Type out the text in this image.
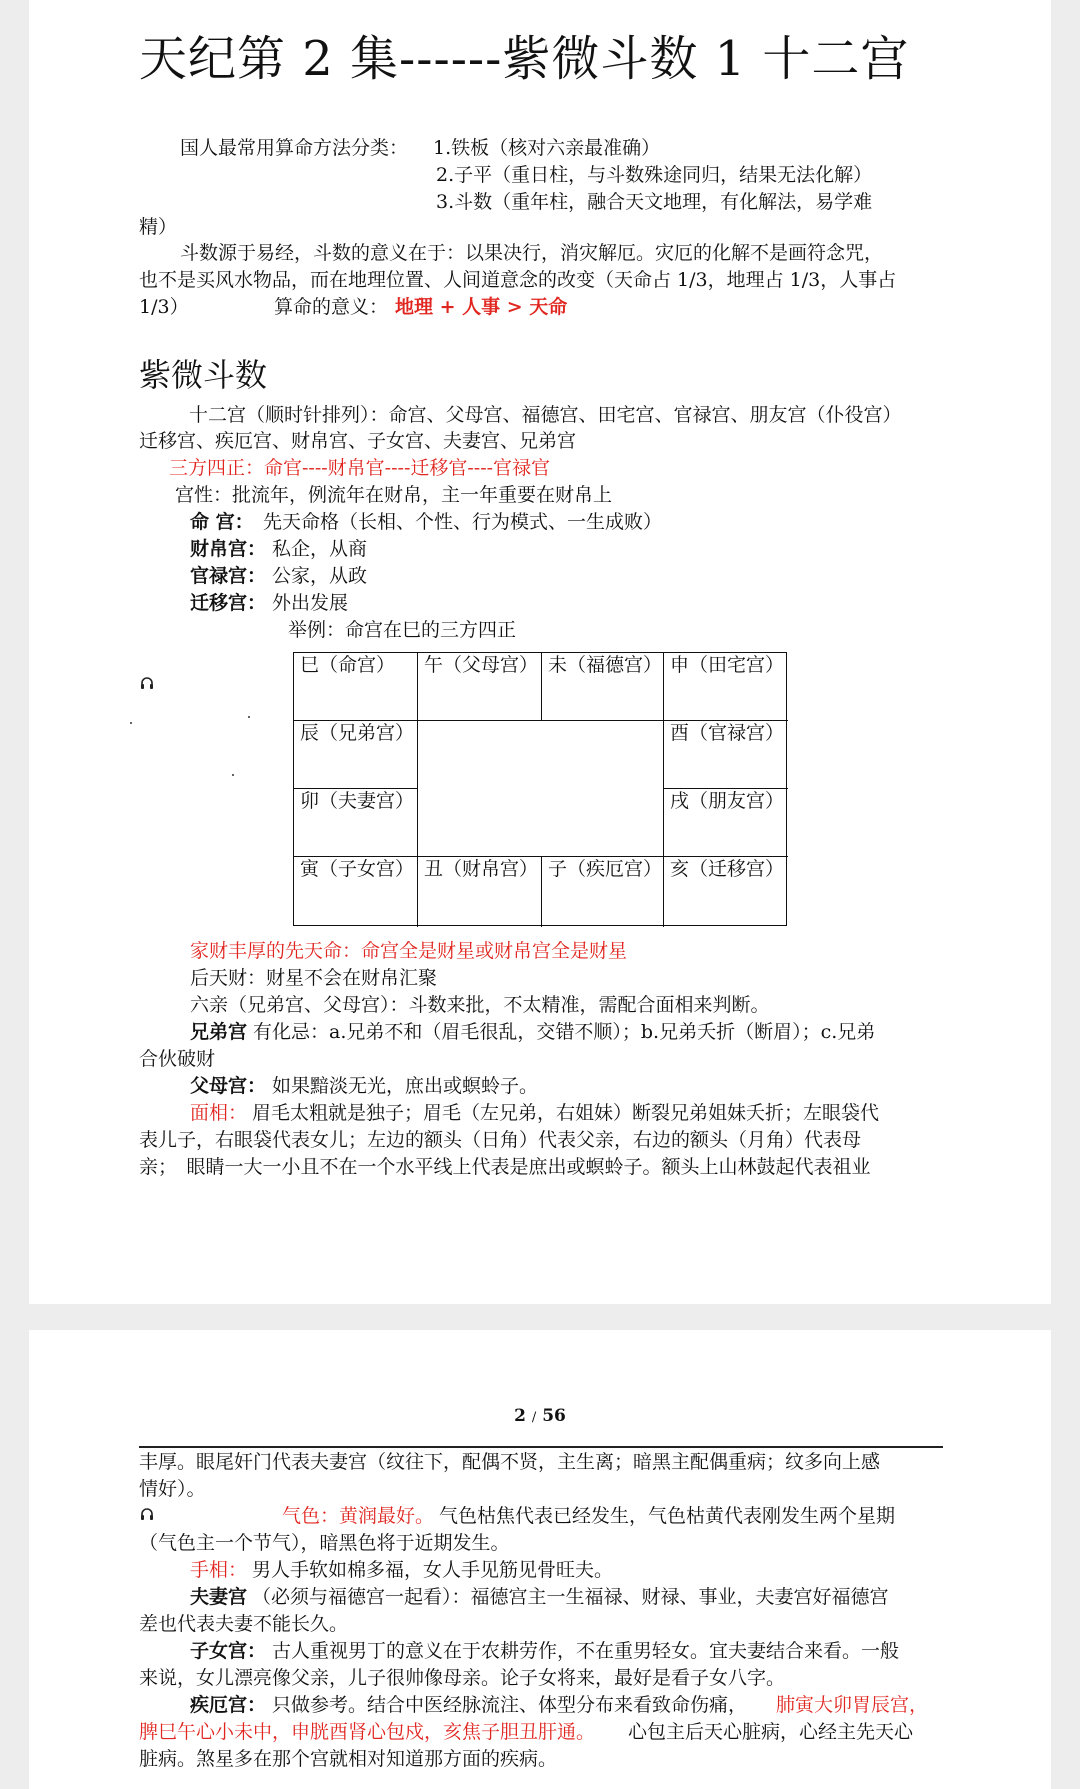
天纪第 2 集------紫微斗数 1 十二宫
国人最常用算命方法分类： 1.铁板（核对六亲最准确）
2.子平（重日柱，与斗数殊途同归，结果无法化解）
3.斗数（重年柱，融合天文地理，有化解法，易学难
精）
斗数源于易经，斗数的意义在于：以果决行，消灾解厄。灾厄的化解不是画符念咒，
也不是买风水物品，而在地理位置、人间道意念的改变（天命占 1/3，地理占 1/3，人事占
1/3）	算命的意义： 地理 + 人事 > 天命
紫微斗数
十二宫（顺时针排列）：命宫、父母宫、福德宫、田宅宫、官禄宫、朋友宫（仆役宫）
迁移宫、疾厄宫、财帛宫、子女宫、夫妻宫、兄弟宫
三方四正：命官----财帛官----迁移官----官禄官
宫性：批流年，例流年在财帛，主一年重要在财帛上
命 宫： 先天命格（长相、个性、行为模式、一生成败）
财帛宫： 私企，从商
官禄宫： 公家，从政
迁移宫： 外出发展
举例：命宫在巳的三方四正
巳（命宫）	午（父母宫） 未（福德宫） 申（田宅宫）
辰（兄弟宫）	酉（官禄宫）
卯（夫妻宫）	戌（朋友宫）
寅（子女宫） 丑（财帛宫） 子（疾厄宫） 亥（迁移宫）
家财丰厚的先天命：命宫全是财星或财帛宫全是财星
后天财：财星不会在财帛汇聚
六亲（兄弟宫、父母宫）：斗数来批，不太精准，需配合面相来判断。
兄弟宫 有化忌：a.兄弟不和（眉毛很乱，交错不顺）；b.兄弟夭折（断眉）；c.兄弟
合伙破财
父母宫： 如果黯淡无光，庶出或螟蛉子。
面相： 眉毛太粗就是独子；眉毛（左兄弟，右姐妹）断裂兄弟姐妹夭折；左眼袋代
表儿子，右眼袋代表女儿；左边的额头（日角）代表父亲，右边的额头（月角）代表母
亲；　眼睛一大一小且不在一个水平线上代表是庶出或螟蛉子。额头上山林鼓起代表祖业
2 / 56
丰厚。眼尾奸门代表夫妻宫（纹往下，配偶不贤，主生离；暗黑主配偶重病；纹多向上感
情好）。
气色：黄润最好。 气色枯焦代表已经发生，气色枯黄代表刚发生两个星期
（气色主一个节气），暗黑色将于近期发生。
手相： 男人手软如棉多福，女人手见筋见骨旺夫。
夫妻宫 （必须与福德宫一起看）：福德宫主一生福禄、财禄、事业，夫妻宫好福德宫
差也代表夫妻不能长久。
子女宫： 古人重视男丁的意义在于农耕劳作，不在重男轻女。宜夫妻结合来看。一般
来说，女儿漂亮像父亲，儿子很帅像母亲。论子女将来，最好是看子女八字。
疾厄宫： 只做参考。结合中医经脉流注、体型分布来看致命伤痛， 肺寅大卯胃辰宫，
脾巳午心小未中，申胱酉肾心包戍，亥焦子胆丑肝通。 心包主后天心脏病，心经主先天心
脏病。煞星多在那个宫就相对知道那方面的疾病。
